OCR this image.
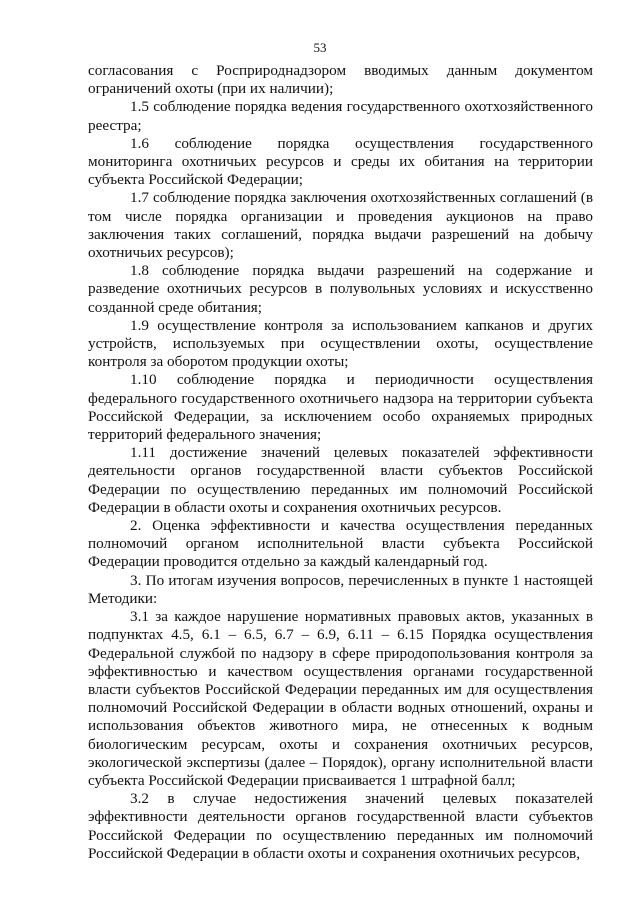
53

согласования с Росприроднадзором вводимых данным документом ограничений охоты (при их наличии);

1.5 соблюдение порядка ведения государственного охотхозяйственного реестра;

1.6 соблюдение порядка осуществления государственного мониторинга охотничьих ресурсов и среды их обитания на территории субъекта Российской Федерации;

1.7 соблюдение порядка заключения охотхозяйственных соглашений (в том числе порядка организации и проведения аукционов на право заключения таких соглашений, порядка выдачи разрешений на добычу охотничьих ресурсов);

1.8 соблюдение порядка выдачи разрешений на содержание и разведение охотничьих ресурсов в полувольных условиях и искусственно созданной среде обитания;

1.9 осуществление контроля за использованием капканов и других устройств, используемых при осуществлении охоты, осуществление контроля за оборотом продукции охоты;

1.10 соблюдение порядка и периодичности осуществления федерального государственного охотничьего надзора на территории субъекта Российской Федерации, за исключением особо охраняемых природных территорий федерального значения;

1.11 достижение значений целевых показателей эффективности деятельности органов государственной власти субъектов Российской Федерации по осуществлению переданных им полномочий Российской Федерации в области охоты и сохранения охотничьих ресурсов.

2. Оценка эффективности и качества осуществления переданных полномочий органом исполнительной власти субъекта Российской Федерации проводится отдельно за каждый календарный год.

3. По итогам изучения вопросов, перечисленных в пункте 1 настоящей Методики:

3.1 за каждое нарушение нормативных правовых актов, указанных в подпунктах 4.5, 6.1 – 6.5, 6.7 – 6.9, 6.11 – 6.15 Порядка осуществления Федеральной службой по надзору в сфере природопользования контроля за эффективностью и качеством осуществления органами государственной власти субъектов Российской Федерации переданных им для осуществления полномочий Российской Федерации в области водных отношений, охраны и использования объектов животного мира, не отнесенных к водным биологическим ресурсам, охоты и сохранения охотничьих ресурсов, экологической экспертизы (далее – Порядок), органу исполнительной власти субъекта Российской Федерации присваивается 1 штрафной балл;

3.2 в случае недостижения значений целевых показателей эффективности деятельности органов государственной власти субъектов Российской Федерации по осуществлению переданных им полномочий Российской Федерации в области охоты и сохранения охотничьих ресурсов,
